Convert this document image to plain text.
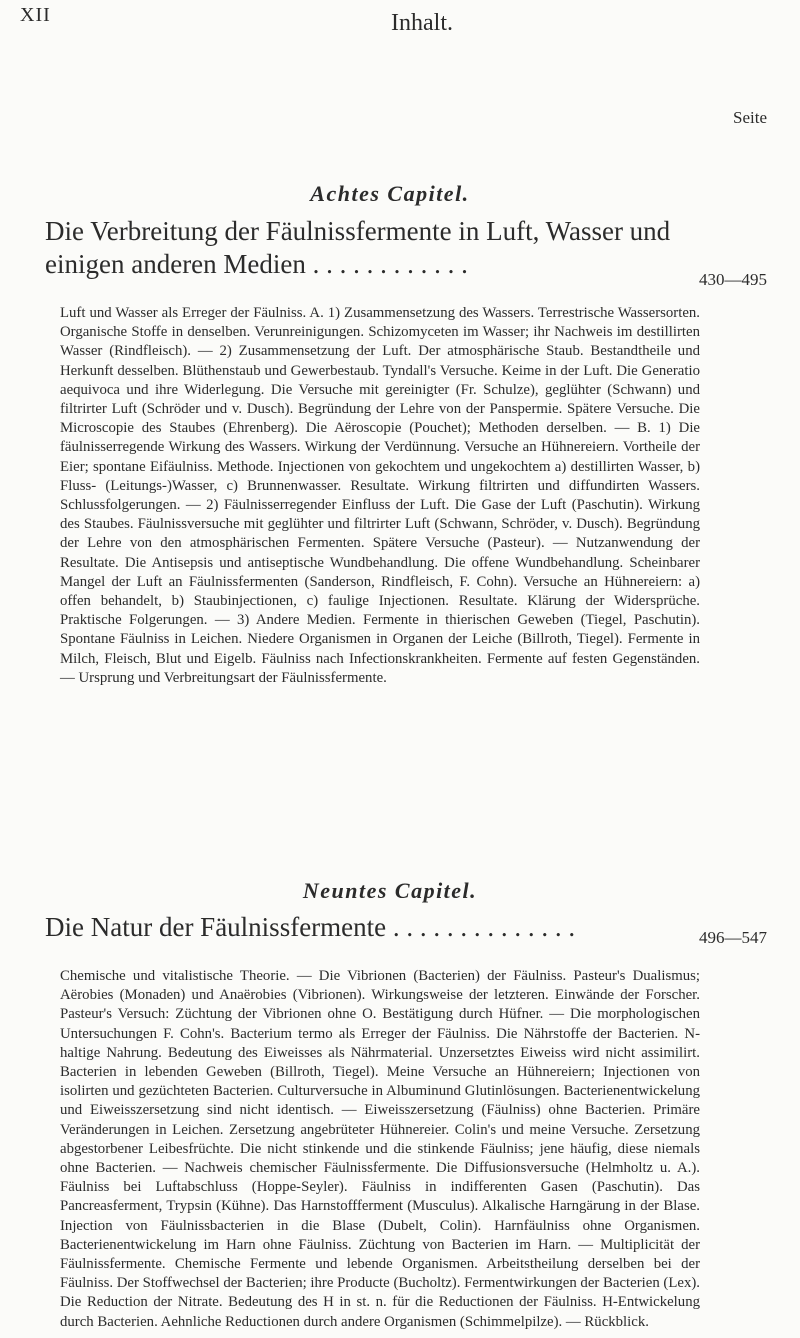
XII	Inhalt.
Seite
Achtes Capitel.
Die Verbreitung der Fäulnissfermente in Luft, Wasser und einigen anderen Medien . . . . . . . . . . . .
430—495
Luft und Wasser als Erreger der Fäulniss. A. 1) Zusammensetzung des Wassers. Terrestrische Wassersorten. Organische Stoffe in denselben. Verunreinigungen. Schizomyceten im Wasser; ihr Nachweis im destillirten Wasser (Rindfleisch). — 2) Zusammensetzung der Luft. Der atmosphärische Staub. Bestandtheile und Herkunft desselben. Blüthenstaub und Gewerbestaub. Tyndall's Versuche. Keime in der Luft. Die Generatio aequivoca und ihre Widerlegung. Die Versuche mit gereinigter (Fr. Schulze), geglühter (Schwann) und filtrirter Luft (Schröder und v. Dusch). Begründung der Lehre von der Panspermie. Spätere Versuche. Die Microscopie des Staubes (Ehrenberg). Die Aëroscopie (Pouchet); Methoden derselben. — B. 1) Die fäulnisserregende Wirkung des Wassers. Wirkung der Verdünnung. Versuche an Hühnereiern. Vortheile der Eier; spontane Eifäulniss. Methode. Injectionen von gekochtem und ungekochtem a) destillirten Wasser, b) Fluss- (Leitungs-)Wasser, c) Brunnenwasser. Resultate. Wirkung filtrirten und diffundirten Wassers. Schlussfolgerungen. — 2) Fäulnisserregender Einfluss der Luft. Die Gase der Luft (Paschutin). Wirkung des Staubes. Fäulnissversuche mit geglühter und filtrirter Luft (Schwann, Schröder, v. Dusch). Begründung der Lehre von den atmosphärischen Fermenten. Spätere Versuche (Pasteur). — Nutzanwendung der Resultate. Die Antisepsis und antiseptische Wundbehandlung. Die offene Wundbehandlung. Scheinbarer Mangel der Luft an Fäulnissfermenten (Sanderson, Rindfleisch, F. Cohn). Versuche an Hühnereiern: a) offen behandelt, b) Staubinjectionen, c) faulige Injectionen. Resultate. Klärung der Widersprüche. Praktische Folgerungen. — 3) Andere Medien. Fermente in thierischen Geweben (Tiegel, Paschutin). Spontane Fäulniss in Leichen. Niedere Organismen in Organen der Leiche (Billroth, Tiegel). Fermente in Milch, Fleisch, Blut und Eigelb. Fäulniss nach Infectionskrankheiten. Fermente auf festen Gegenständen. — Ursprung und Verbreitungsart der Fäulnissfermente.
Neuntes Capitel.
Die Natur der Fäulnissfermente . . . . . . . . . . . . . .	496—547
Chemische und vitalistische Theorie. — Die Vibrionen (Bacterien) der Fäulniss. Pasteur's Dualismus; Aërobies (Monaden) und Anaërobies (Vibrionen). Wirkungsweise der letzteren. Einwände der Forscher. Pasteur's Versuch: Züchtung der Vibrionen ohne O. Bestätigung durch Hüfner. — Die morphologischen Untersuchungen F. Cohn's. Bacterium termo als Erreger der Fäulniss. Die Nährstoffe der Bacterien. N-haltige Nahrung. Bedeutung des Eiweisses als Nährmaterial. Unzersetztes Eiweiss wird nicht assimilirt. Bacterien in lebenden Geweben (Billroth, Tiegel). Meine Versuche an Hühnereiern; Injectionen von isolirten und gezüchteten Bacterien. Culturversuche in Albuminund Glutinlösungen. Bacterienentwickelung und Eiweisszersetzung sind nicht identisch. — Eiweisszersetzung (Fäulniss) ohne Bacterien. Primäre Veränderungen in Leichen. Zersetzung angebrüteter Hühnereier. Colin's und meine Versuche. Zersetzung abgestorbener Leibesfrüchte. Die nicht stinkende und die stinkende Fäulniss; jene häufig, diese niemals ohne Bacterien. — Nachweis chemischer Fäulnissfermente. Die Diffusionsversuche (Helmholtz u. A.). Fäulniss bei Luftabschluss (Hoppe-Seyler). Fäulniss in indifferenten Gasen (Paschutin). Das Pancreasferment, Trypsin (Kühne). Das Harnstoffferment (Musculus). Alkalische Harngärung in der Blase. Injection von Fäulnissbacterien in die Blase (Dubelt, Colin). Harnfäulniss ohne Organismen. Bacterienentwickelung im Harn ohne Fäulniss. Züchtung von Bacterien im Harn. — Multiplicität der Fäulnissfermente. Chemische Fermente und lebende Organismen. Arbeitstheilung derselben bei der Fäulniss. Der Stoffwechsel der Bacterien; ihre Producte (Bucholtz). Fermentwirkungen der Bacterien (Lex). Die Reduction der Nitrate. Bedeutung des H in st. n. für die Reductionen der Fäulniss. H-Entwickelung durch Bacterien. Aehnliche Reductionen durch andere Organismen (Schimmelpilze). — Rückblick.
